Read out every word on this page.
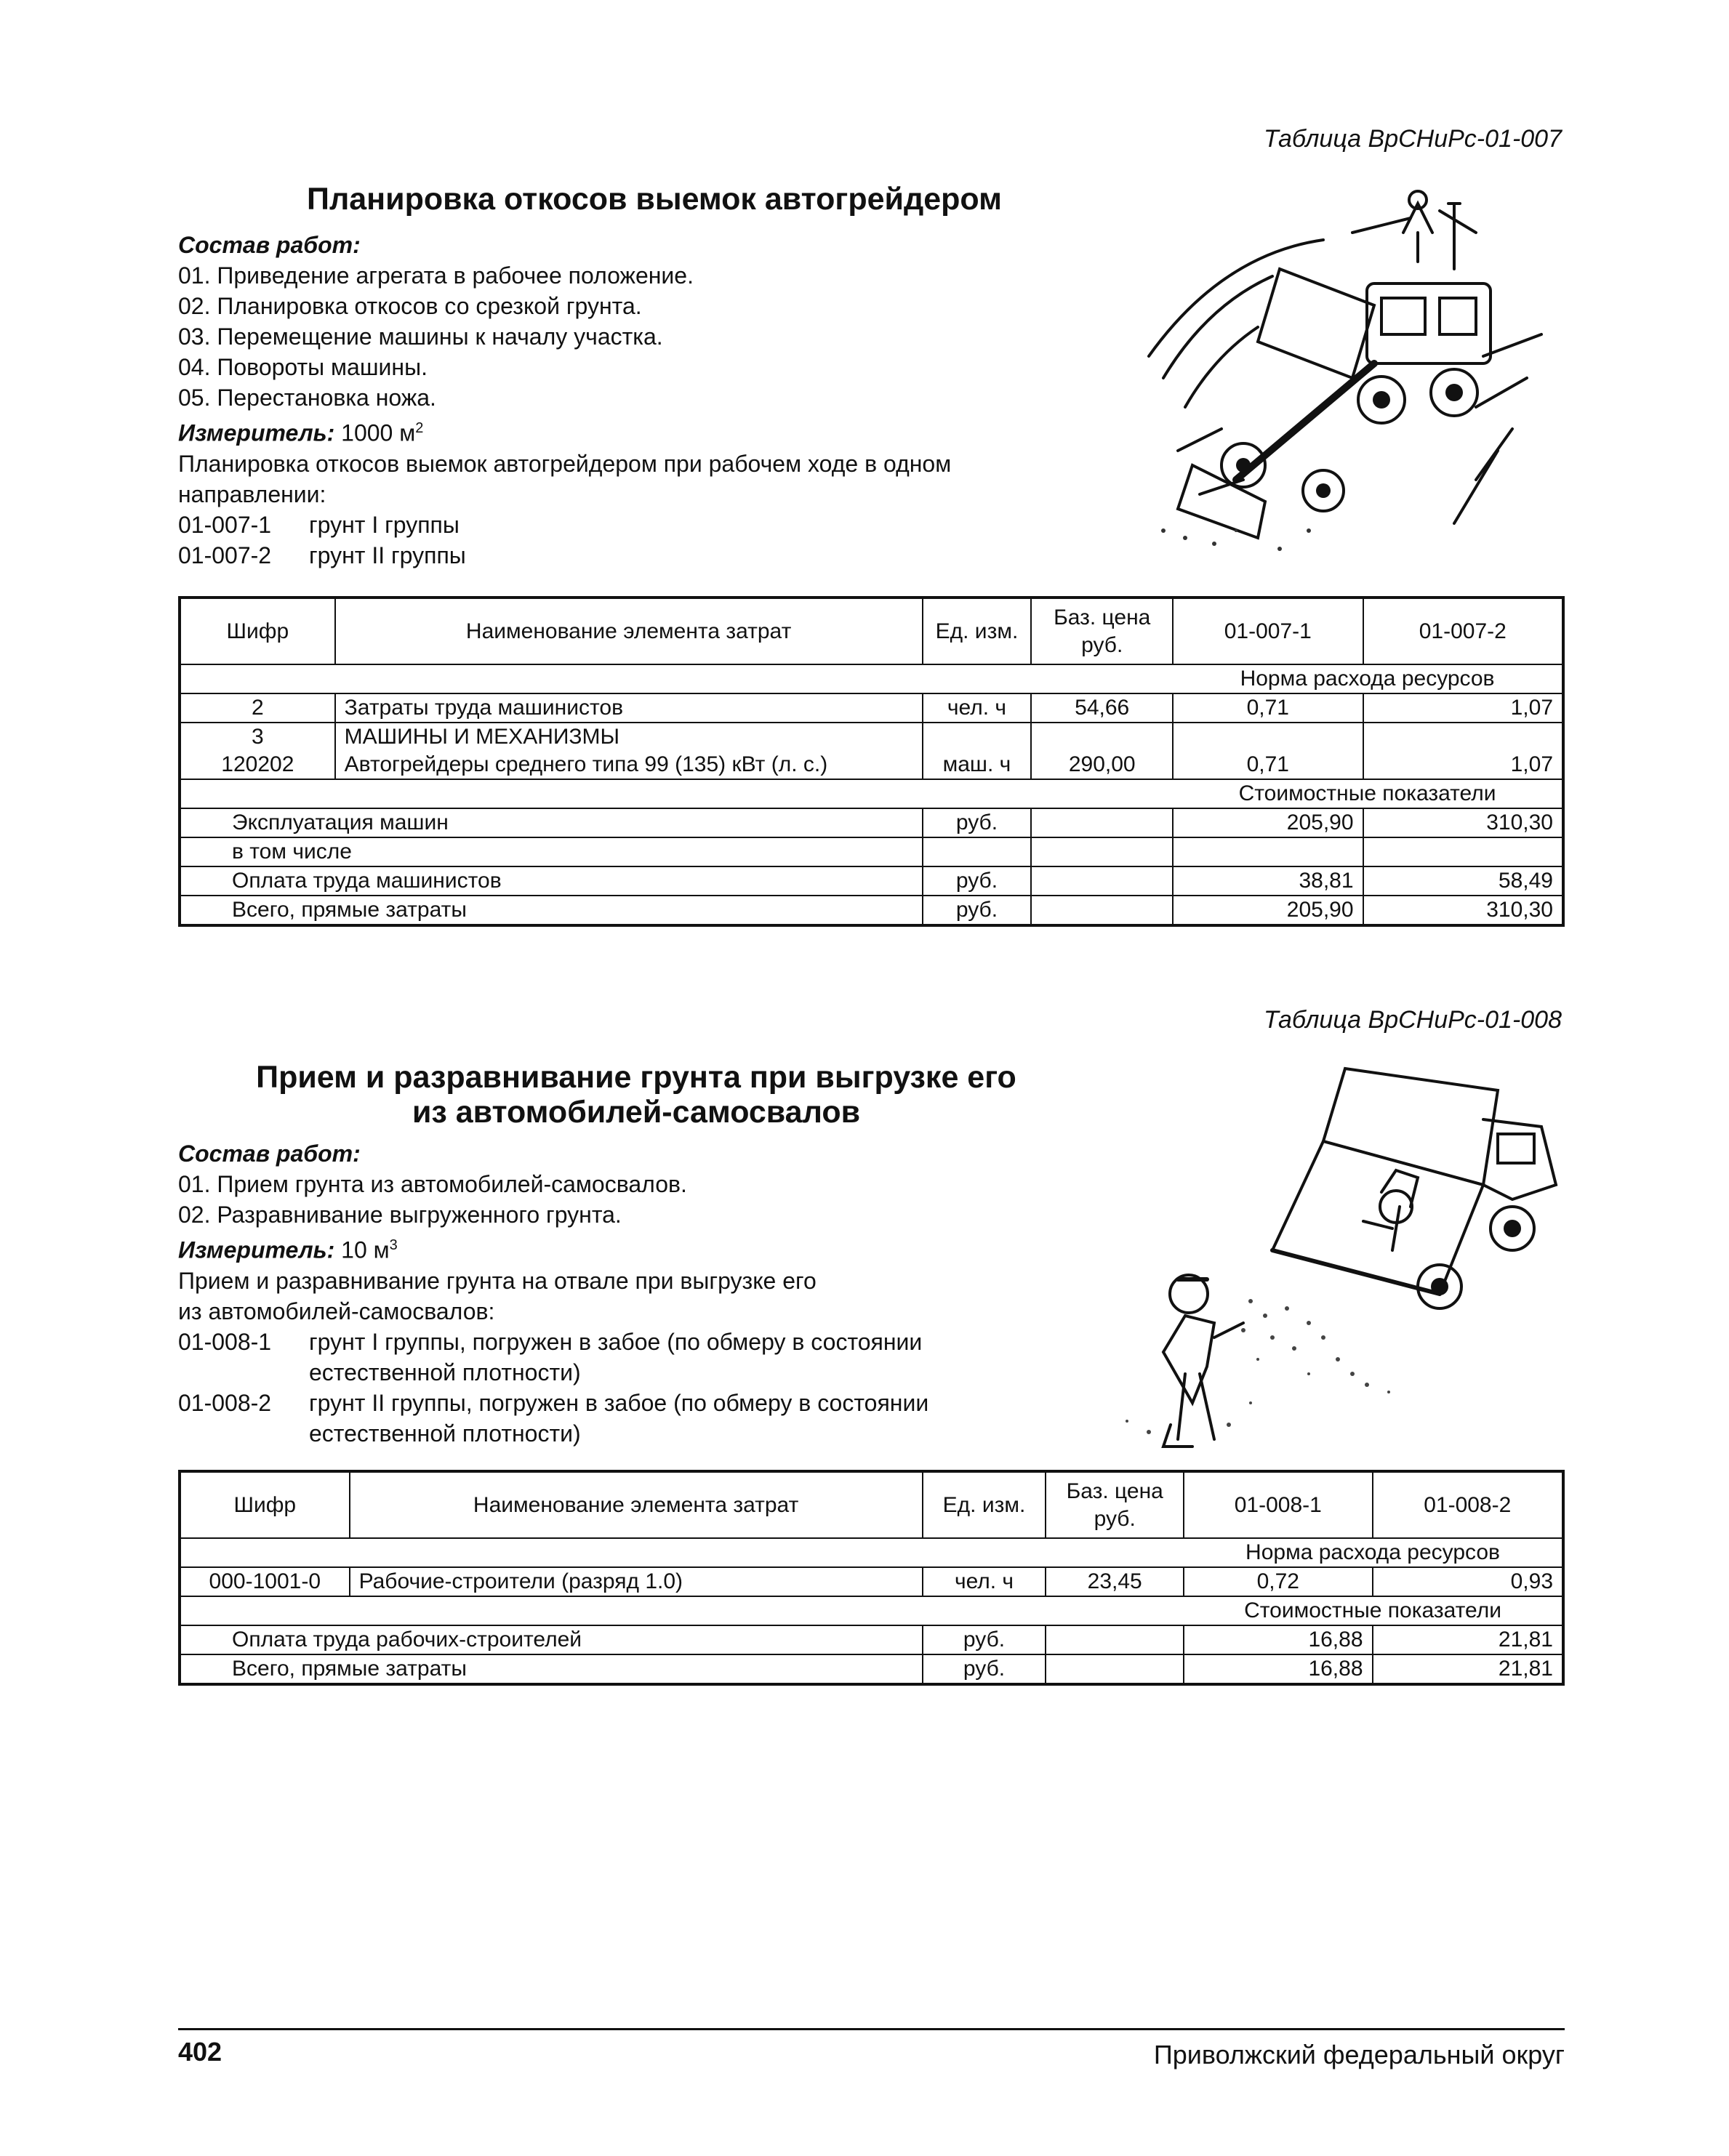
Таблица ВрСНиРс-01-007
Планировка откосов выемок автогрейдером
Состав работ:
01. Приведение агрегата в рабочее положение.
02. Планировка откосов со срезкой грунта.
03. Перемещение машины к началу участка.
04. Повороты машины.
05. Перестановка ножа.
Измеритель: 1000 $м^2$
Планировка откосов выемок автогрейдером при рабочем ходе в одном направлении:
01-007-1	грунт I группы
01-007-2	грунт II группы
Шифр	Наименование элемента затрат	Ед. изм.	Баз. цена руб.	01-007-1	01-007-2
				Норма расхода ресурсов	
2	Затраты труда машинистов	чел. ч	54,66	0,71	1,07
3	МАШИНЫ И МЕХАНИЗМЫ				
120202	Автогрейдеры среднего типа 99 (135) кВт (л. с.)	маш. ч	290,00	0,71	1,07
				Стоимостные показатели	
Эксплуатация машин		руб.		205,90	310,30
в том числе					
Оплата труда машинистов		руб.		38,81	58,49
Всего, прямые затраты		руб.		205,90	310,30
Таблица ВрСНиРс-01-008
Прием и разравнивание грунта при выгрузке его
из автомобилей-самосвалов
Состав работ:
01. Прием грунта из автомобилей-самосвалов.
02. Разравнивание выгруженного грунта.
Измеритель: 10 $м^3$
Прием и разравнивание грунта на отвале при выгрузке его
из автомобилей-самосвалов:
01-008-1	грунт I группы, погружен в забое (по обмеру в состоянии естественной плотности)
01-008-2	грунт II группы, погружен в забое (по обмеру в состоянии естественной плотности)
Шифр	Наименование элемента затрат	Ед. изм.	Баз. цена руб.	01-008-1	01-008-2
				Норма расхода ресурсов	
000-1001-0	Рабочие-строители (разряд 1.0)	чел. ч	23,45	0,72	0,93
				Стоимостные показатели	
Оплата труда рабочих-строителей		руб.		16,88	21,81
Всего, прямые затраты		руб.		16,88	21,81
402	Приволжский федеральный округ
